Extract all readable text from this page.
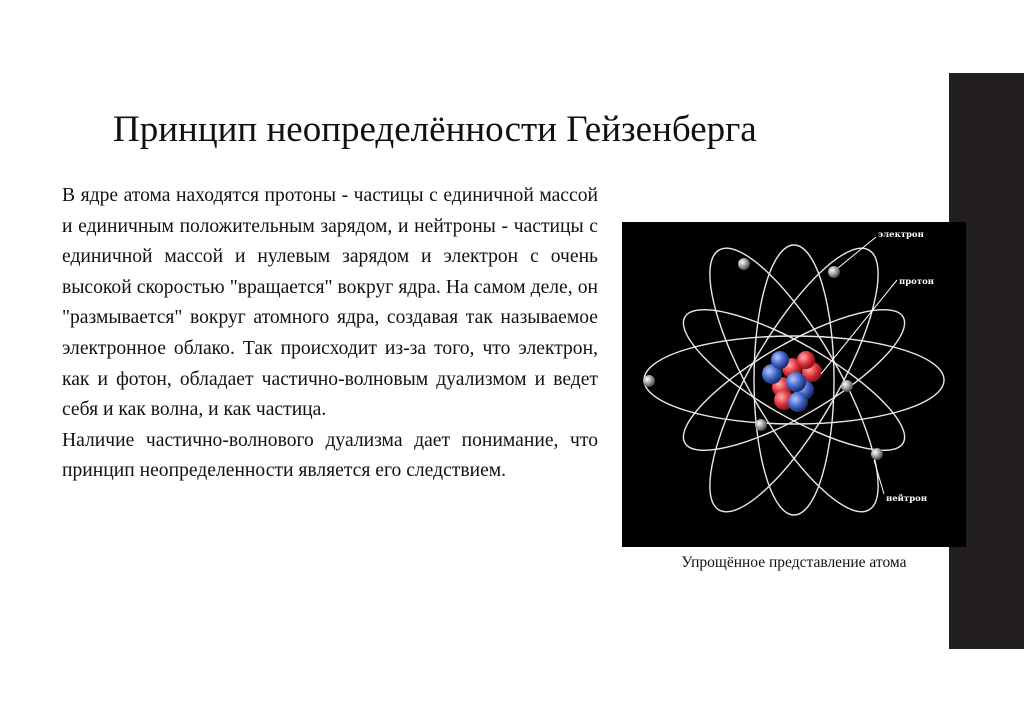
Принцип неопределённости Гейзенберга

В ядре атома находятся протоны - частицы с единичной массой и единичным положительным зарядом, и нейтроны - частицы с единичной массой и нулевым зарядом и электрон с очень высокой скоростью "вращается" вокруг ядра. На самом деле, он "размывается" вокруг атомного ядра, создавая так называемое электронное облако. Так происходит из-за того, что электрон, как и фотон, обладает частично-волновым дуализмом и ведет себя и как волна, и как частица.

Наличие частично-волнового дуализма дает понимание, что принцип неопределенности является его следствием.

электрон
протон
нейтрон
Упрощённое представление атома
